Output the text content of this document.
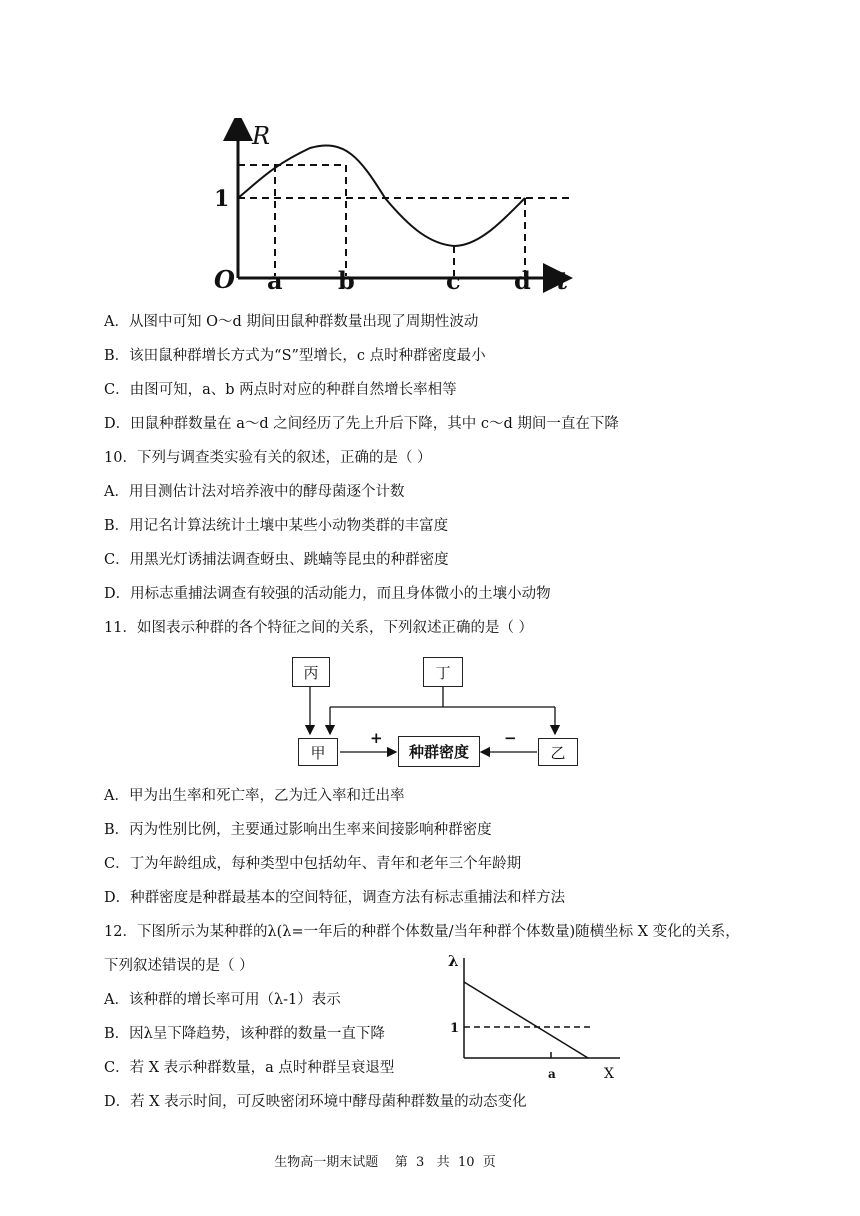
R
1
O a b	c d t
A．从图中可知 O～d 期间田鼠种群数量出现了周期性波动
B．该田鼠种群增长方式为“S”型增长，c 点时种群密度最小
C．由图可知，a、b 两点时对应的种群自然增长率相等
D．田鼠种群数量在 a～d 之间经历了先上升后下降，其中 c～d 期间一直在下降
10．下列与调查类实验有关的叙述，正确的是（ ）
A．用目测估计法对培养液中的酵母菌逐个计数
B．用记名计算法统计土壤中某些小动物类群的丰富度
C．用黑光灯诱捕法调查蚜虫、跳蝻等昆虫的种群密度
D．用标志重捕法调查有较强的活动能力，而且身体微小的土壤小动物
11．如图表示种群的各个特征之间的关系，下列叙述正确的是（ ）
+	−
丙	丁
甲	种群密度	乙
A．甲为出生率和死亡率，乙为迁入率和迁出率
B．丙为性别比例，主要通过影响出生率来间接影响种群密度
C．丁为年龄组成，每种类型中包括幼年、青年和老年三个年龄期
D．种群密度是种群最基本的空间特征，调查方法有标志重捕法和样方法
12．下图所示为某种群的λ(λ=一年后的种群个体数量/当年种群个体数量)随横坐标 X 变化的关系，
下列叙述错误的是（ ）
A．该种群的增长率可用（λ-1）表示
B．因λ呈下降趋势，该种群的数量一直下降
C．若 X 表示种群数量，a 点时种群呈衰退型
D．若 X 表示时间，可反映密闭环境中酵母菌种群数量的动态变化
λ
1
a	X
生物高一期末试题    第  3   共  10  页
